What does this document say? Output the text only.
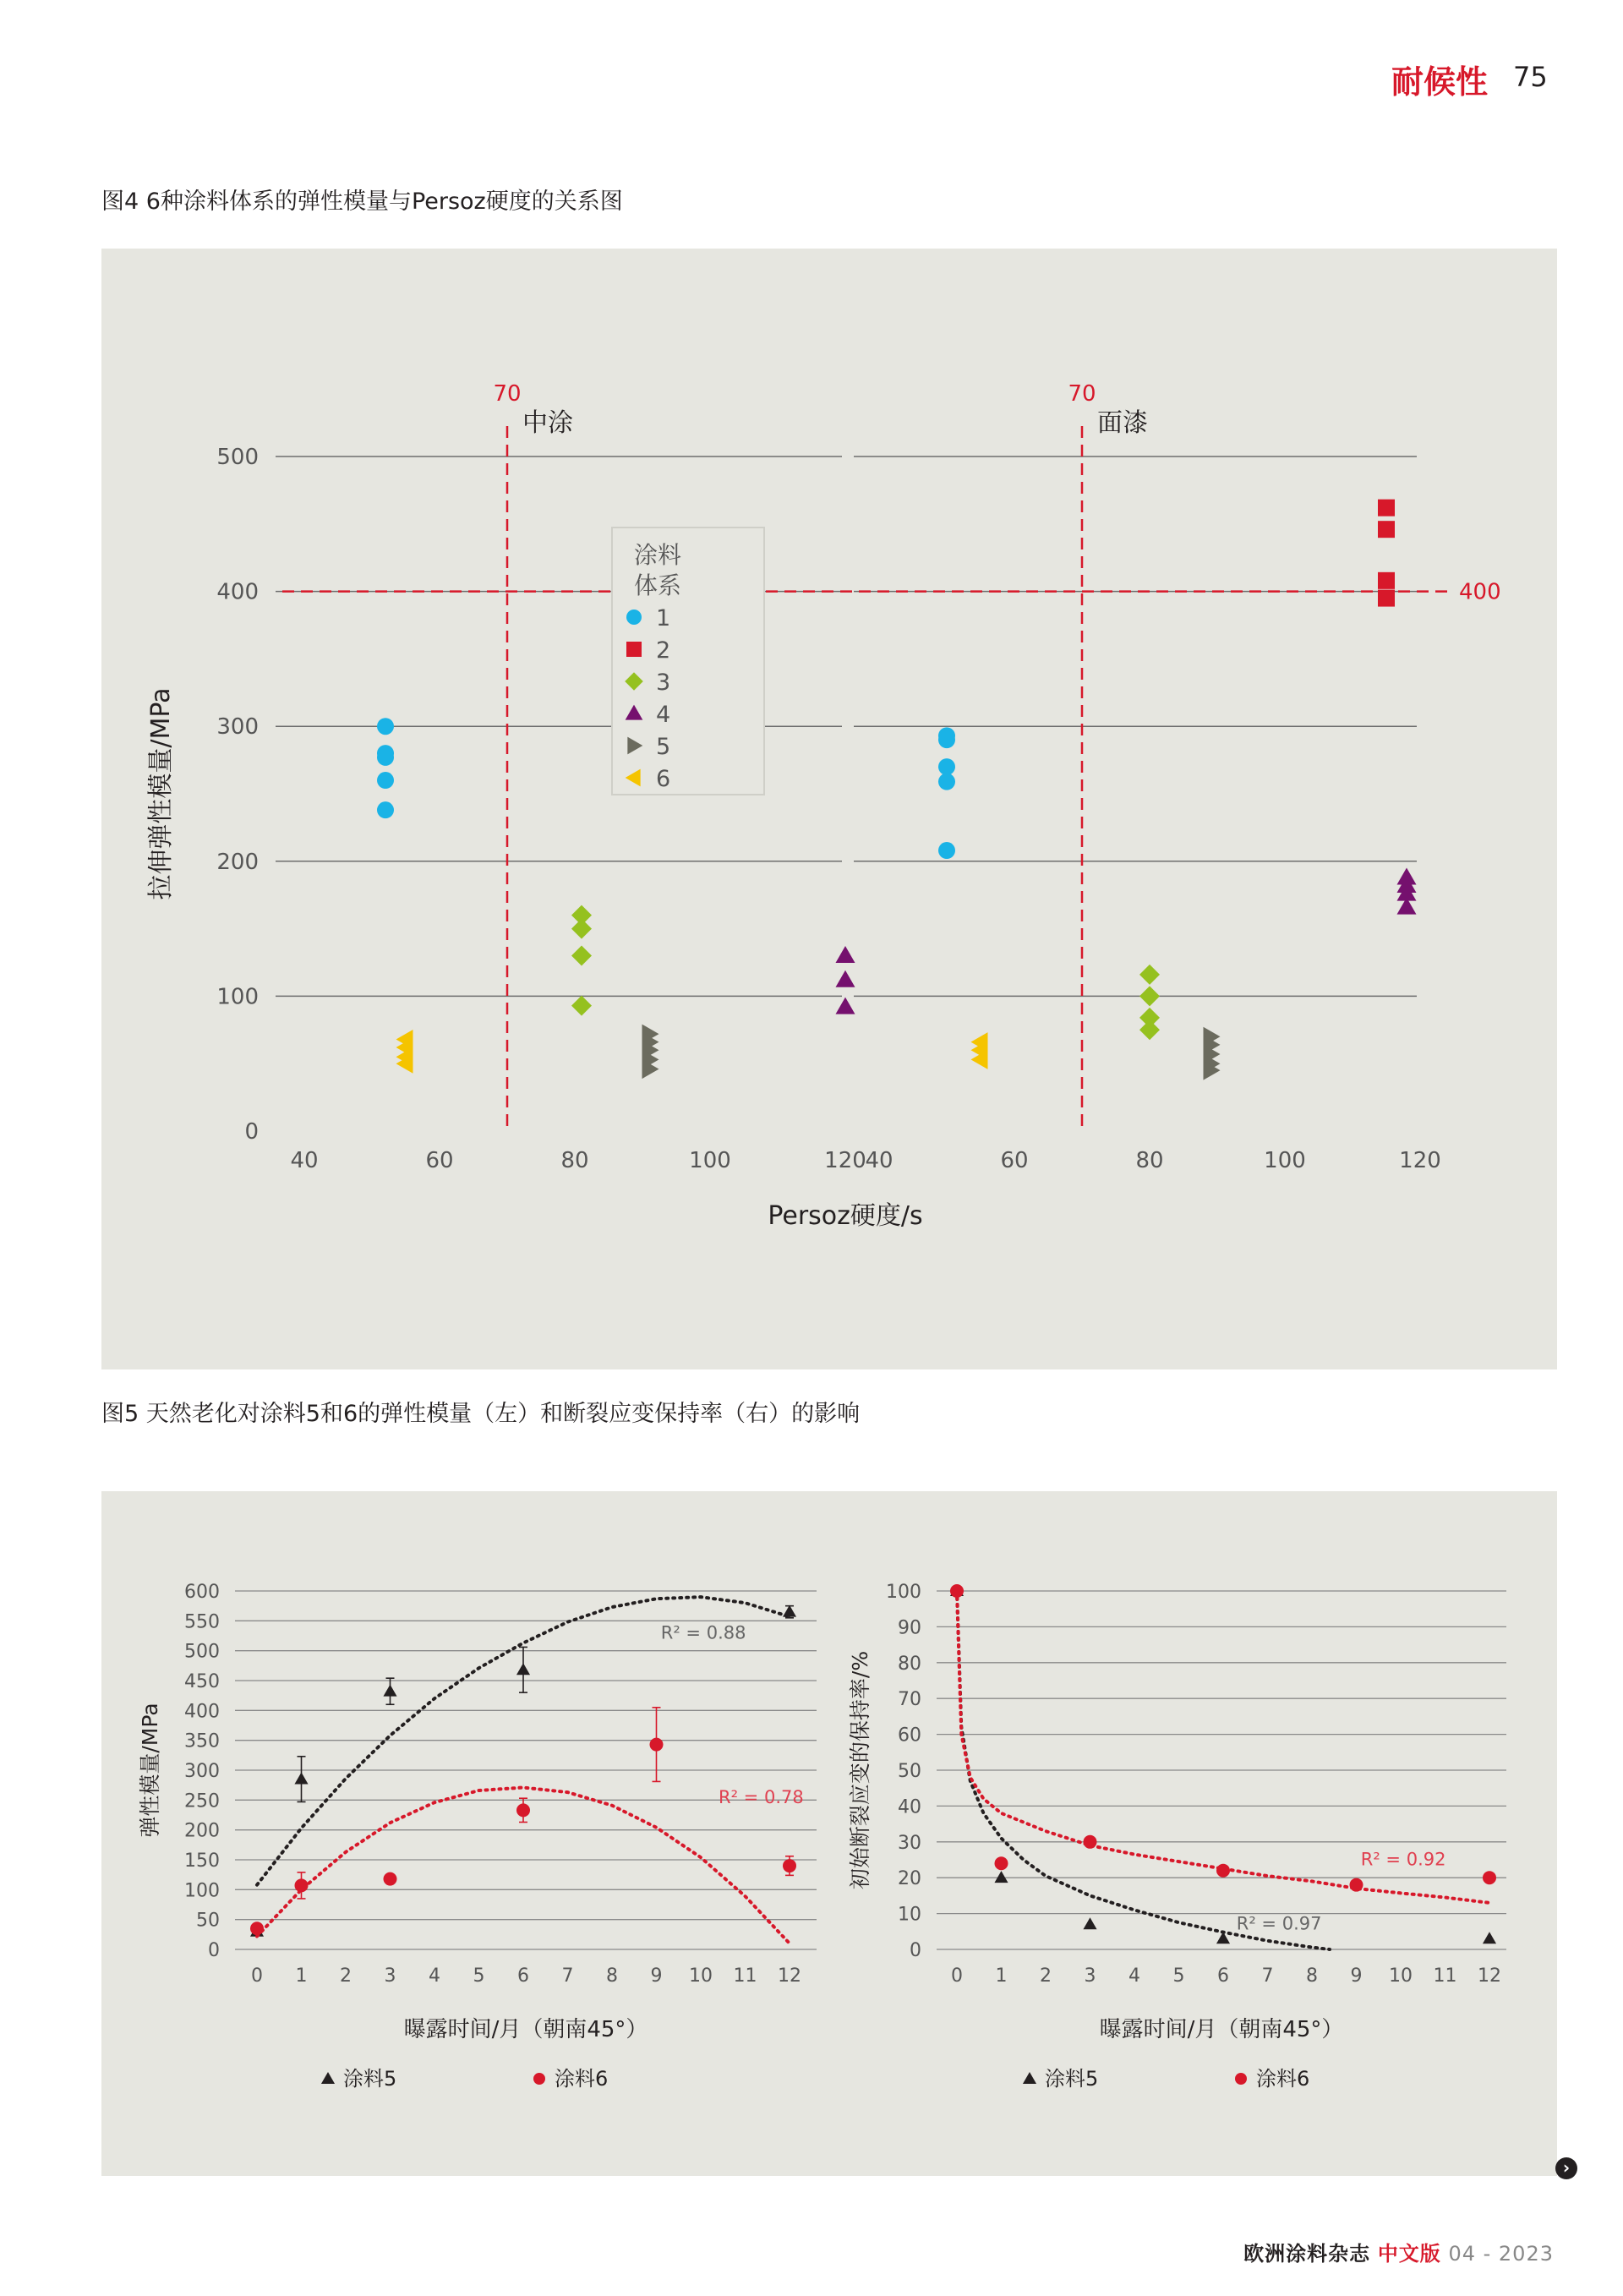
耐候性 75
图4 6种涂料体系的弹性模量与Persoz硬度的关系图
0
100
200
300
400
500
拉伸弹性模量/MPa
40	60	80	100	120
70
中涂
40	60	80	100	120
70
面漆
400
Persoz硬度/s
涂料
体系
1
2
3
4
5
6
图5 天然老化对涂料5和6的弹性模量（左）和断裂应变保持率（右）的影响
0
50
100
150
200
250
300
350
400
450
500
550
600
0 1 2 3 4 5 6 7 8 9 10 11 12
弹性模量/MPa
曝露时间/月（朝南45°）
R² = 0.88
R² = 0.78
涂料5	涂料6
0
10
20
30
40
50
60
70
80
90
100
0 1 2 3 4 5 6 7 8 9 10 11 12
初始断裂应变的保持率/%
曝露时间/月（朝南45°）
R² = 0.97
R² = 0.92
涂料5	涂料6
›
欧洲涂料杂志 中文版 04 - 2023
